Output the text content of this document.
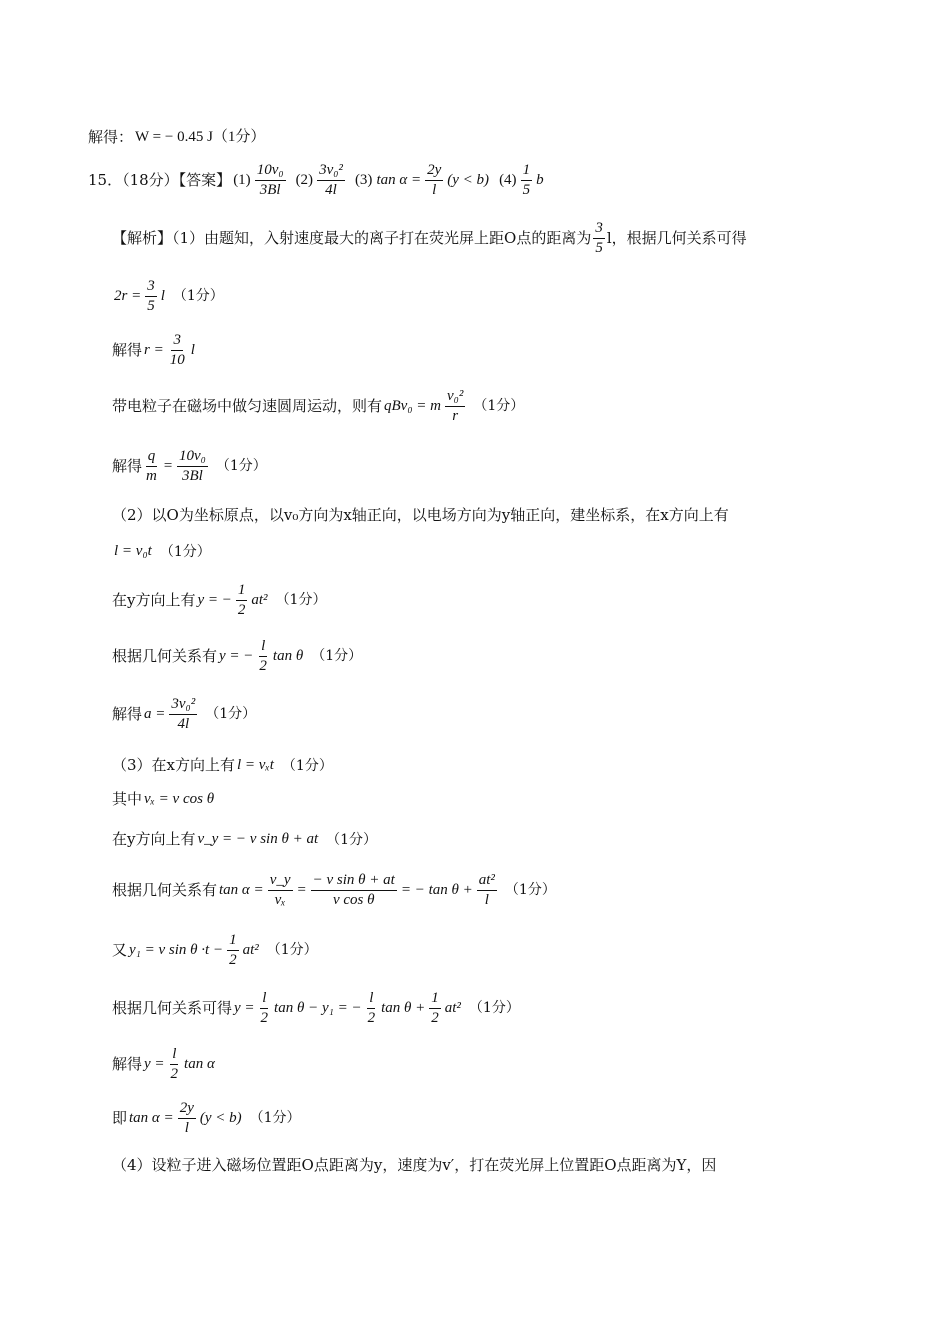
解得： W = − 0.45 J（1分）
15．（18分）【答案】 $(1) \frac{\text{10v₀}}{3Bl} (2) \frac{\text{3v₀²}}{4l} (3)$ $\tan \alpha = \frac{2y}{l} (y < b)$ $(4) \frac{1}{5}$ b
【解析】（1）由题知，入射速度最大的离子打在荧光屏上距O点的距离为 $\frac{3}{5}$ l，根据几何关系可得
$2r = \frac{3}{5}$ l （1分）
解得 $r = \frac{3}{10}$ l
带电粒子在磁场中做匀速圆周运动，则有 qBv₀ = m $\frac{\text{v₀²}}{r} (1$分）
解得 $\frac{q}{m} = \frac{\text{10v₀}}{3Bl} (1$分）
（2）以O为坐标原点，以v₀方向为x轴正向，以电场方向为y轴正向，建坐标系，在x方向上有
l = v₀t （1分）
在y方向上有 y = − $\frac{1}{2} at^2$ （1分）
根据几何关系有 y = − $\frac{l}{2}$ tan θ （1分）
解得 $a = \frac{\text{3v₀²}}{4l} (1$分）
（3）在x方向上有 l = vₓt （1分）
其中 vₓ = v cos θ
在y方向上有 v_y = − v sin θ + at （1分）
根据几何关系有 $\tan \alpha = \frac{v\_y}{\text{vₓ}} = \frac{\text{− v sin θ + at}}{\text{v cos θ}}$ = − $\tan \theta + \frac{\text{at²}}{l} (1$分）
又 y₁ = v $\sin \theta \cdot t - \frac{1}{2} at^2$ （1分）
根据几何关系可得 $y = \frac{l}{2}$ tan θ − y₁ = − $\frac{l}{2}$ $\tan \theta + \frac{1}{2} at^2$ （1分）
解得 $y = \frac{l}{2}$ tan α
即 $\tan \alpha = \frac{2y}{l} (y < b)$ （1分）
（4）设粒子进入磁场位置距O点距离为y，速度为v′，打在荧光屏上位置距O点距离为Y，因
